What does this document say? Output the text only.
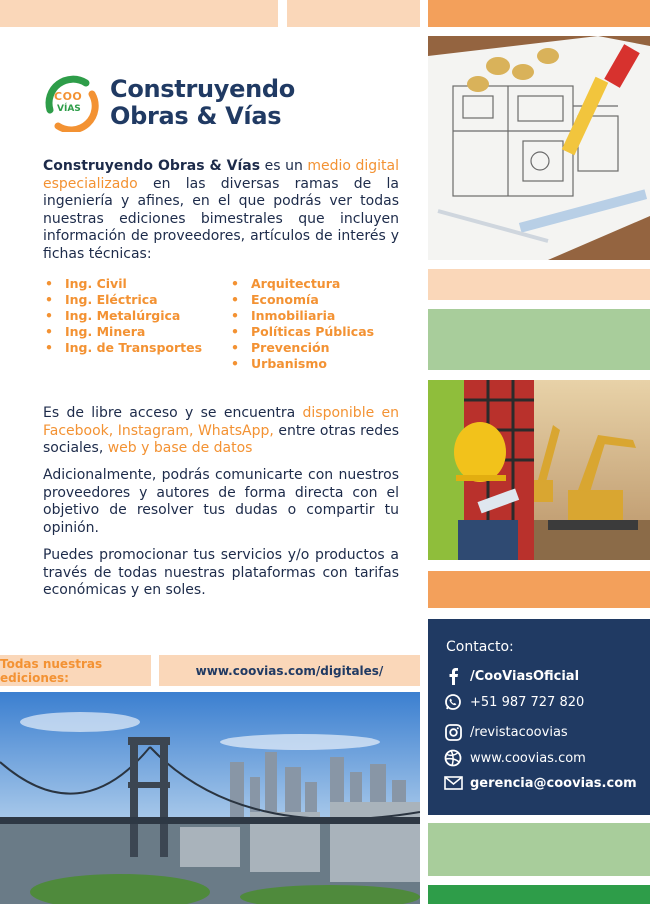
Contacto:
/CooViasOficial
+51 987 727 820
/revistacoovias
www.coovias.com
gerencia@coovias.com
COO
VÍAS
Construyendo
Obras & Vías

Construyendo Obras & Vías es un medio digital especializado en las diversas ramas de la ingeniería y afines, en el que podrás ver todas nuestras ediciones bimestrales que incluyen información de proveedores, artículos de interés y fichas técnicas:

• Ing. Civil
• Ing. Eléctrica
• Ing. Metalúrgica
• Ing. Minera
• Ing. de Transportes
• Arquitectura
• Economía
• Inmobiliaria
• Políticas Públicas
• Prevención
• Urbanismo

Es de libre acceso y se encuentra disponible en Facebook, Instagram, WhatsApp, entre otras redes sociales, web y base de datos

Adicionalmente, podrás comunicarte con nuestros proveedores y autores de forma directa con el objetivo de resolver tus dudas o compartir tu opinión.

Puedes promocionar tus servicios y/o productos a través de todas nuestras plataformas con tarifas económicas y en soles.

Todas nuestras ediciones:	www.coovias.com/digitales/
